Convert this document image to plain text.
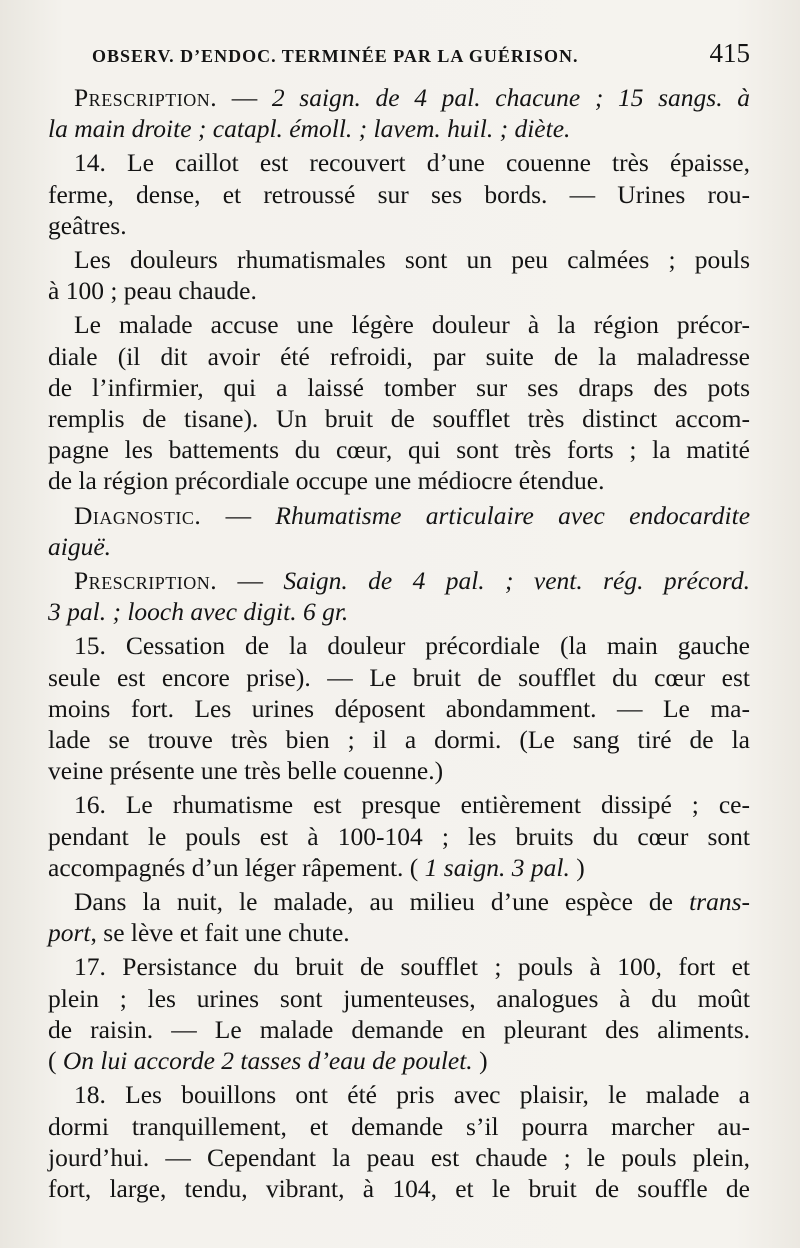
OBSERV. D’ENDOC. TERMINÉE PAR LA GUÉRISON.	415

Prescription. — 2 saign. de 4 pal. chacune ; 15 sangs. à
la main droite ; catapl. émoll. ; lavem. huil. ; diète.

14. Le caillot est recouvert d’une couenne très épaisse,
ferme, dense, et retroussé sur ses bords. — Urines rou-
geâtres.

Les douleurs rhumatismales sont un peu calmées ; pouls
à 100 ; peau chaude.

Le malade accuse une légère douleur à la région précor-
diale (il dit avoir été refroidi, par suite de la maladresse
de l’infirmier, qui a laissé tomber sur ses draps des pots
remplis de tisane). Un bruit de soufflet très distinct accom-
pagne les battements du cœur, qui sont très forts ; la matité
de la région précordiale occupe une médiocre étendue.

Diagnostic. — Rhumatisme articulaire avec endocardite
aiguë.

Prescription. — Saign. de 4 pal. ; vent. rég. précord.
3 pal. ; looch avec digit. 6 gr.

15. Cessation de la douleur précordiale (la main gauche
seule est encore prise). — Le bruit de soufflet du cœur est
moins fort. Les urines déposent abondamment. — Le ma-
lade se trouve très bien ; il a dormi. (Le sang tiré de la
veine présente une très belle couenne.)

16. Le rhumatisme est presque entièrement dissipé ; ce-
pendant le pouls est à 100-104 ; les bruits du cœur sont
accompagnés d’un léger râpement. ( 1 saign. 3 pal. )

Dans la nuit, le malade, au milieu d’une espèce de trans-
port, se lève et fait une chute.

17. Persistance du bruit de soufflet ; pouls à 100, fort et
plein ; les urines sont jumenteuses, analogues à du moût
de raisin. — Le malade demande en pleurant des aliments.
( On lui accorde 2 tasses d’eau de poulet. )

18. Les bouillons ont été pris avec plaisir, le malade a
dormi tranquillement, et demande s’il pourra marcher au-
jourd’hui. — Cependant la peau est chaude ; le pouls plein,
fort, large, tendu, vibrant, à 104, et le bruit de souffle de
